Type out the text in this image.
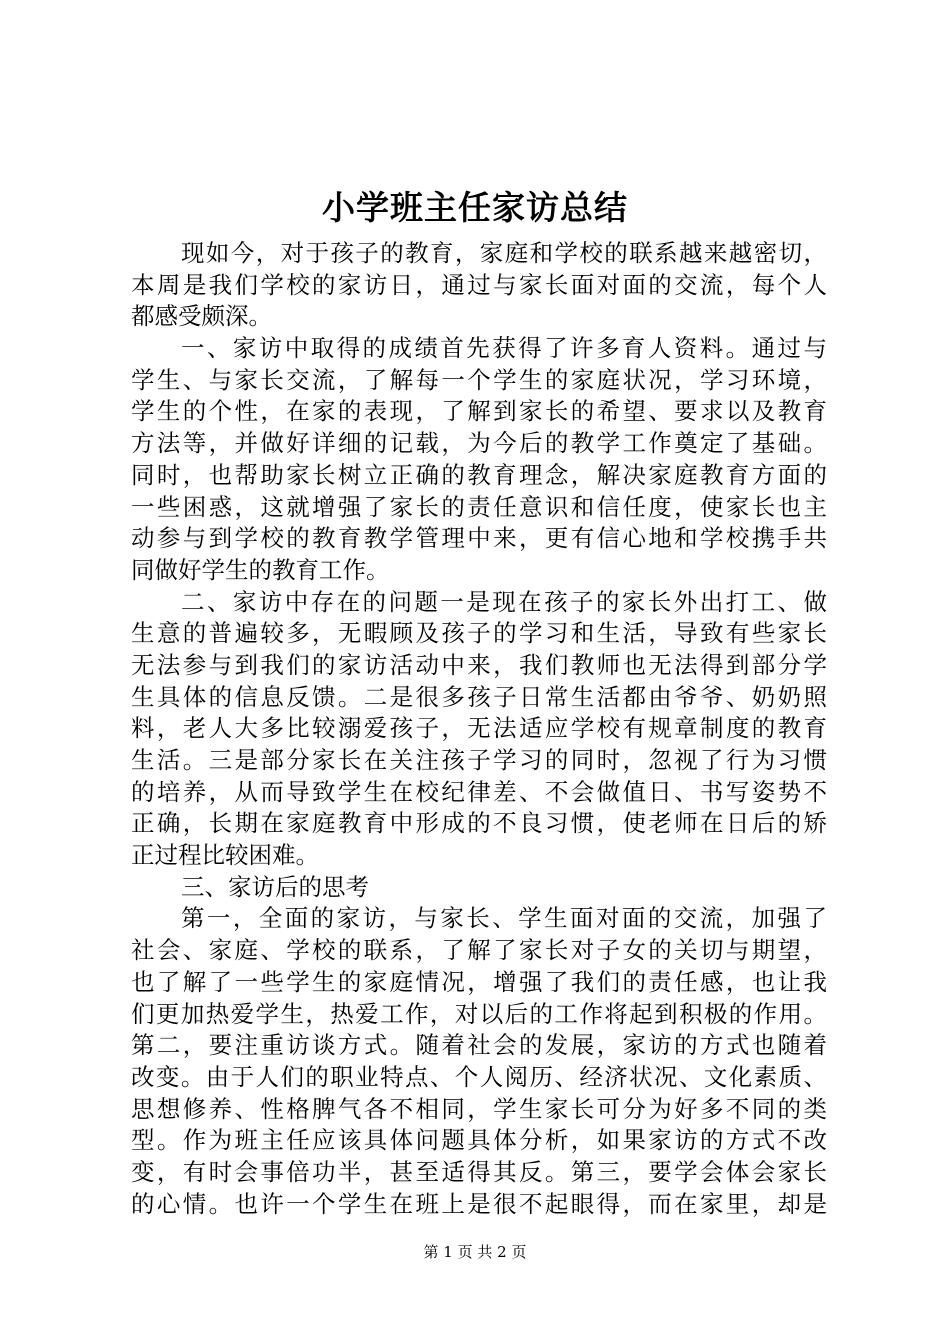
小学班主任家访总结
现如今，对于孩子的教育，家庭和学校的联系越来越密切，
本周是我们学校的家访日，通过与家长面对面的交流，每个人
都感受颇深。
一、家访中取得的成绩首先获得了许多育人资料。通过与
学生、与家长交流，了解每一个学生的家庭状况，学习环境，
学生的个性，在家的表现，了解到家长的希望、要求以及教育
方法等，并做好详细的记载，为今后的教学工作奠定了基础。
同时，也帮助家长树立正确的教育理念，解决家庭教育方面的
一些困惑，这就增强了家长的责任意识和信任度，使家长也主
动参与到学校的教育教学管理中来，更有信心地和学校携手共
同做好学生的教育工作。
二、家访中存在的问题一是现在孩子的家长外出打工、做
生意的普遍较多，无暇顾及孩子的学习和生活，导致有些家长
无法参与到我们的家访活动中来，我们教师也无法得到部分学
生具体的信息反馈。二是很多孩子日常生活都由爷爷、奶奶照
料，老人大多比较溺爱孩子，无法适应学校有规章制度的教育
生活。三是部分家长在关注孩子学习的同时，忽视了行为习惯
的培养，从而导致学生在校纪律差、不会做值日、书写姿势不
正确，长期在家庭教育中形成的不良习惯，使老师在日后的矫
正过程比较困难。
三、家访后的思考
第一，全面的家访，与家长、学生面对面的交流，加强了
社会、家庭、学校的联系，了解了家长对子女的关切与期望，
也了解了一些学生的家庭情况，增强了我们的责任感，也让我
们更加热爱学生，热爱工作，对以后的工作将起到积极的作用。
第二，要注重访谈方式。随着社会的发展，家访的方式也随着
改变。由于人们的职业特点、个人阅历、经济状况、文化素质、
思想修养、性格脾气各不相同，学生家长可分为好多不同的类
型。作为班主任应该具体问题具体分析，如果家访的方式不改
变，有时会事倍功半，甚至适得其反。第三，要学会体会家长
的心情。也许一个学生在班上是很不起眼得，而在家里，却是
第 1 页 共 2 页
